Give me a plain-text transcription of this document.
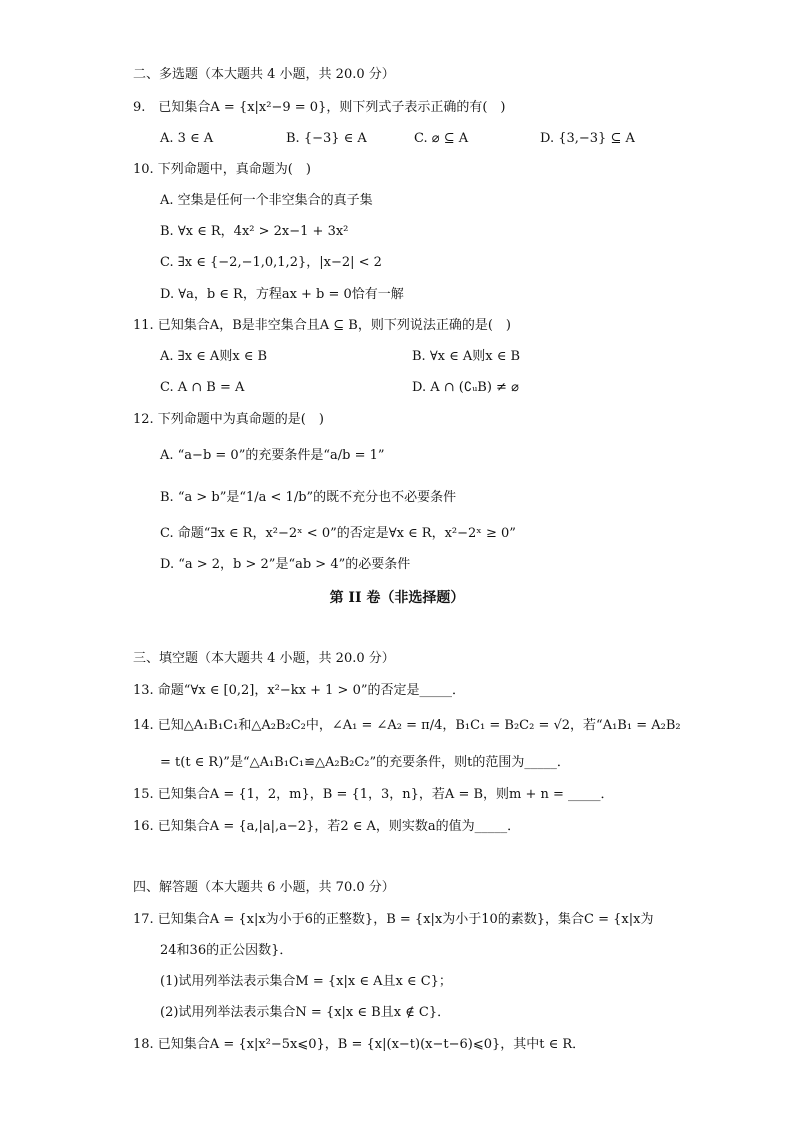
二、多选题（本大题共 4 小题，共 20.0 分）
9. 已知集合A = {x|x²−9 = 0}，则下列式子表示正确的有( )
A. 3 ∈ A	B. {−3} ∈ A	C. ⌀ ⊆ A	D. {3,−3} ⊆ A
10. 下列命题中，真命题为( )
A. 空集是任何一个非空集合的真子集
B. ∀x ∈ R，4x² > 2x−1 + 3x²
C. ∃x ∈ {−2,−1,0,1,2}，|x−2| < 2
D. ∀a，b ∈ R，方程ax + b = 0恰有一解
11. 已知集合A，B是非空集合且A ⊆ B，则下列说法正确的是( )
A. ∃x ∈ A则x ∈ B	B. ∀x ∈ A则x ∈ B
C. A ∩ B = A	D. A ∩ (∁ᵤB) ≠ ⌀
12. 下列命题中为真命题的是( )
A. “a−b = 0”的充要条件是“a/b = 1”
B. “a > b”是“1/a < 1/b”的既不充分也不必要条件
C. 命题“∃x ∈ R，x²−2ˣ < 0”的否定是∀x ∈ R，x²−2ˣ ≥ 0”
D. “a > 2，b > 2”是“ab > 4”的必要条件
第 II 卷（非选择题）
三、填空题（本大题共 4 小题，共 20.0 分）
13. 命题“∀x ∈ [0,2]，x²−kx + 1 > 0”的否定是_____．
14. 已知△A₁B₁C₁和△A₂B₂C₂中，∠A₁ = ∠A₂ = π/4，B₁C₁ = B₂C₂ = √2，若“A₁B₁ = A₂B₂
= t(t ∈ R)”是“△A₁B₁C₁≌△A₂B₂C₂”的充要条件，则t的范围为_____．
15. 已知集合A = {1，2，m}，B = {1，3，n}，若A = B，则m + n = _____．
16. 已知集合A = {a,|a|,a−2}，若2 ∈ A，则实数a的值为_____．
四、解答题（本大题共 6 小题，共 70.0 分）
17. 已知集合A = {x|x为小于6的正整数}，B = {x|x为小于10的素数}，集合C = {x|x为
24和36的正公因数}．
(1)试用列举法表示集合M = {x|x ∈ A且x ∈ C}；
(2)试用列举法表示集合N = {x|x ∈ B且x ∉ C}．
18. 已知集合A = {x|x²−5x⩽0}，B = {x|(x−t)(x−t−6)⩽0}，其中t ∈ R．
